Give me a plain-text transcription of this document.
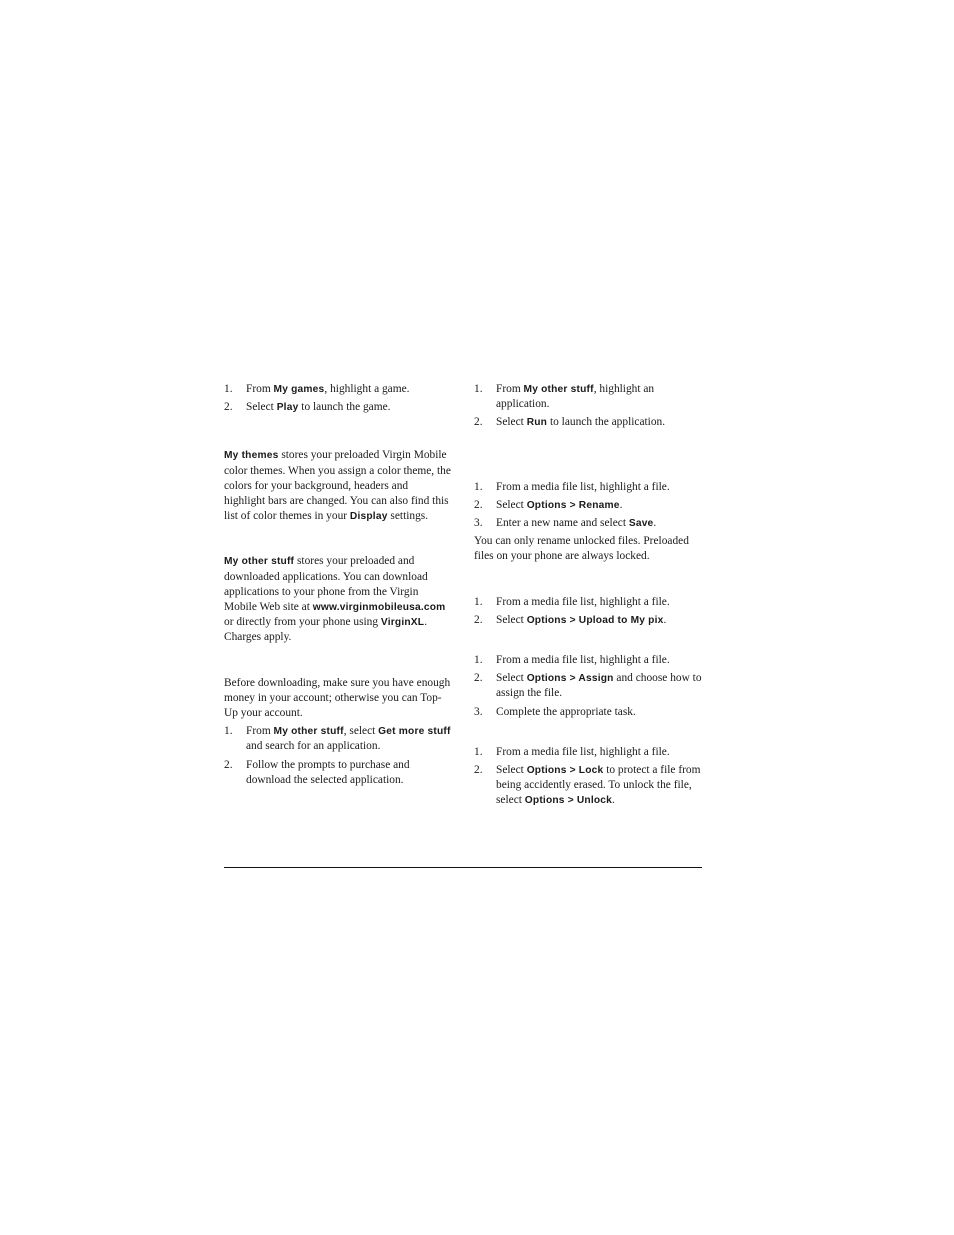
1. From My games, highlight a game.
2. Select Play to launch the game.

My themes stores your preloaded Virgin Mobile color themes. When you assign a color theme, the colors for your background, headers and highlight bars are changed. You can also find this list of color themes in your Display settings.

My other stuff stores your preloaded and downloaded applications. You can download applications to your phone from the Virgin Mobile Web site at www.virginmobileusa.com or directly from your phone using VirginXL. Charges apply.

Before downloading, make sure you have enough money in your account; otherwise you can Top-Up your account.

1. From My other stuff, select Get more stuff and search for an application.
2. Follow the prompts to purchase and download the selected application.
1. From My other stuff, highlight an application.
2. Select Run to launch the application.
1. From a media file list, highlight a file.
2. Select Options > Rename.
3. Enter a new name and select Save.

You can only rename unlocked files. Preloaded files on your phone are always locked.

1. From a media file list, highlight a file.
2. Select Options > Upload to My pix.
1. From a media file list, highlight a file.
2. Select Options > Assign and choose how to assign the file.
3. Complete the appropriate task.
1. From a media file list, highlight a file.
2. Select Options > Lock to protect a file from being accidently erased. To unlock the file, select Options > Unlock.
